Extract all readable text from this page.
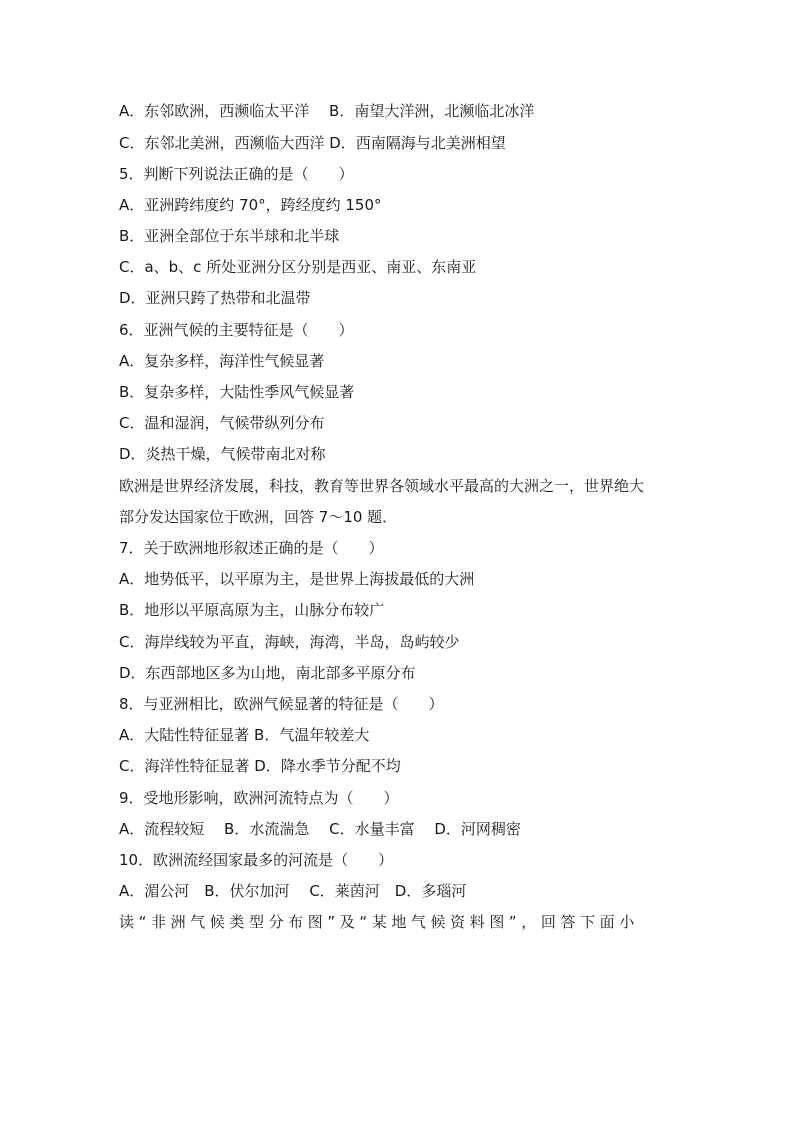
A．东邻欧洲，西濒临太平洋　 B．南望大洋洲，北濒临北冰洋
C．东邻北美洲，西濒临大西洋 D．西南隔海与北美洲相望
5．判断下列说法正确的是（　　）
A．亚洲跨纬度约 70°，跨经度约 150°
B．亚洲全部位于东半球和北半球
C．a、b、c 所处亚洲分区分别是西亚、南亚、东南亚
D．亚洲只跨了热带和北温带
6．亚洲气候的主要特征是（　　）
A．复杂多样，海洋性气候显著
B．复杂多样，大陆性季风气候显著
C．温和湿润，气候带纵列分布
D．炎热干燥，气候带南北对称
欧洲是世界经济发展，科技，教育等世界各领域水平最高的大洲之一，世界绝大
部分发达国家位于欧洲，回答 7～10 题．
7．关于欧洲地形叙述正确的是（　　）
A．地势低平，以平原为主，是世界上海拔最低的大洲
B．地形以平原高原为主，山脉分布较广
C．海岸线较为平直，海峡，海湾，半岛，岛屿较少
D．东西部地区多为山地，南北部多平原分布
8．与亚洲相比，欧洲气候显著的特征是（　　）
A．大陆性特征显著 B．气温年较差大
C．海洋性特征显著 D．降水季节分配不均
9．受地形影响，欧洲河流特点为（　　）
A．流程较短　 B．水流湍急　 C．水量丰富　 D．河网稠密
10．欧洲流经国家最多的河流是（　　）
A．湄公河　B．伏尔加河　 C．莱茵河　D．多瑙河
读“非洲气候类型分布图”及“某地气候资料图”，回答下面小
